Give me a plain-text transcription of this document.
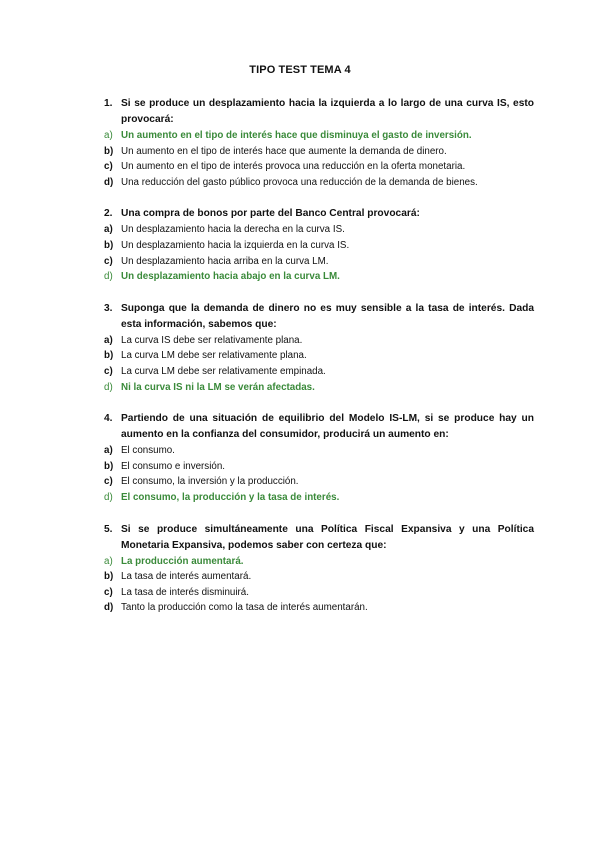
TIPO TEST TEMA 4
1. Si se produce un desplazamiento hacia la izquierda a lo largo de una curva IS, esto provocará:
a) Un aumento en el tipo de interés hace que disminuya el gasto de inversión.
b) Un aumento en el tipo de interés hace que aumente la demanda de dinero.
c) Un aumento en el tipo de interés provoca una reducción en la oferta monetaria.
d) Una reducción del gasto público provoca una reducción de la demanda de bienes.
2. Una compra de bonos por parte del Banco Central provocará:
a) Un desplazamiento hacia la derecha en la curva IS.
b) Un desplazamiento hacia la izquierda en la curva IS.
c) Un desplazamiento hacia arriba en la curva LM.
d) Un desplazamiento hacia abajo en la curva LM.
3. Suponga que la demanda de dinero no es muy sensible a la tasa de interés. Dada esta información, sabemos que:
a) La curva IS debe ser relativamente plana.
b) La curva LM debe ser relativamente plana.
c) La curva LM debe ser relativamente empinada.
d) Ni la curva IS ni la LM se verán afectadas.
4. Partiendo de una situación de equilibrio del Modelo IS-LM, si se produce hay un aumento en la confianza del consumidor, producirá un aumento en:
a) El consumo.
b) El consumo e inversión.
c) El consumo, la inversión y la producción.
d) El consumo, la producción y la tasa de interés.
5. Si se produce simultáneamente una Política Fiscal Expansiva y una Política Monetaria Expansiva, podemos saber con certeza que:
a) La producción aumentará.
b) La tasa de interés aumentará.
c) La tasa de interés disminuirá.
d) Tanto la producción como la tasa de interés aumentarán.
